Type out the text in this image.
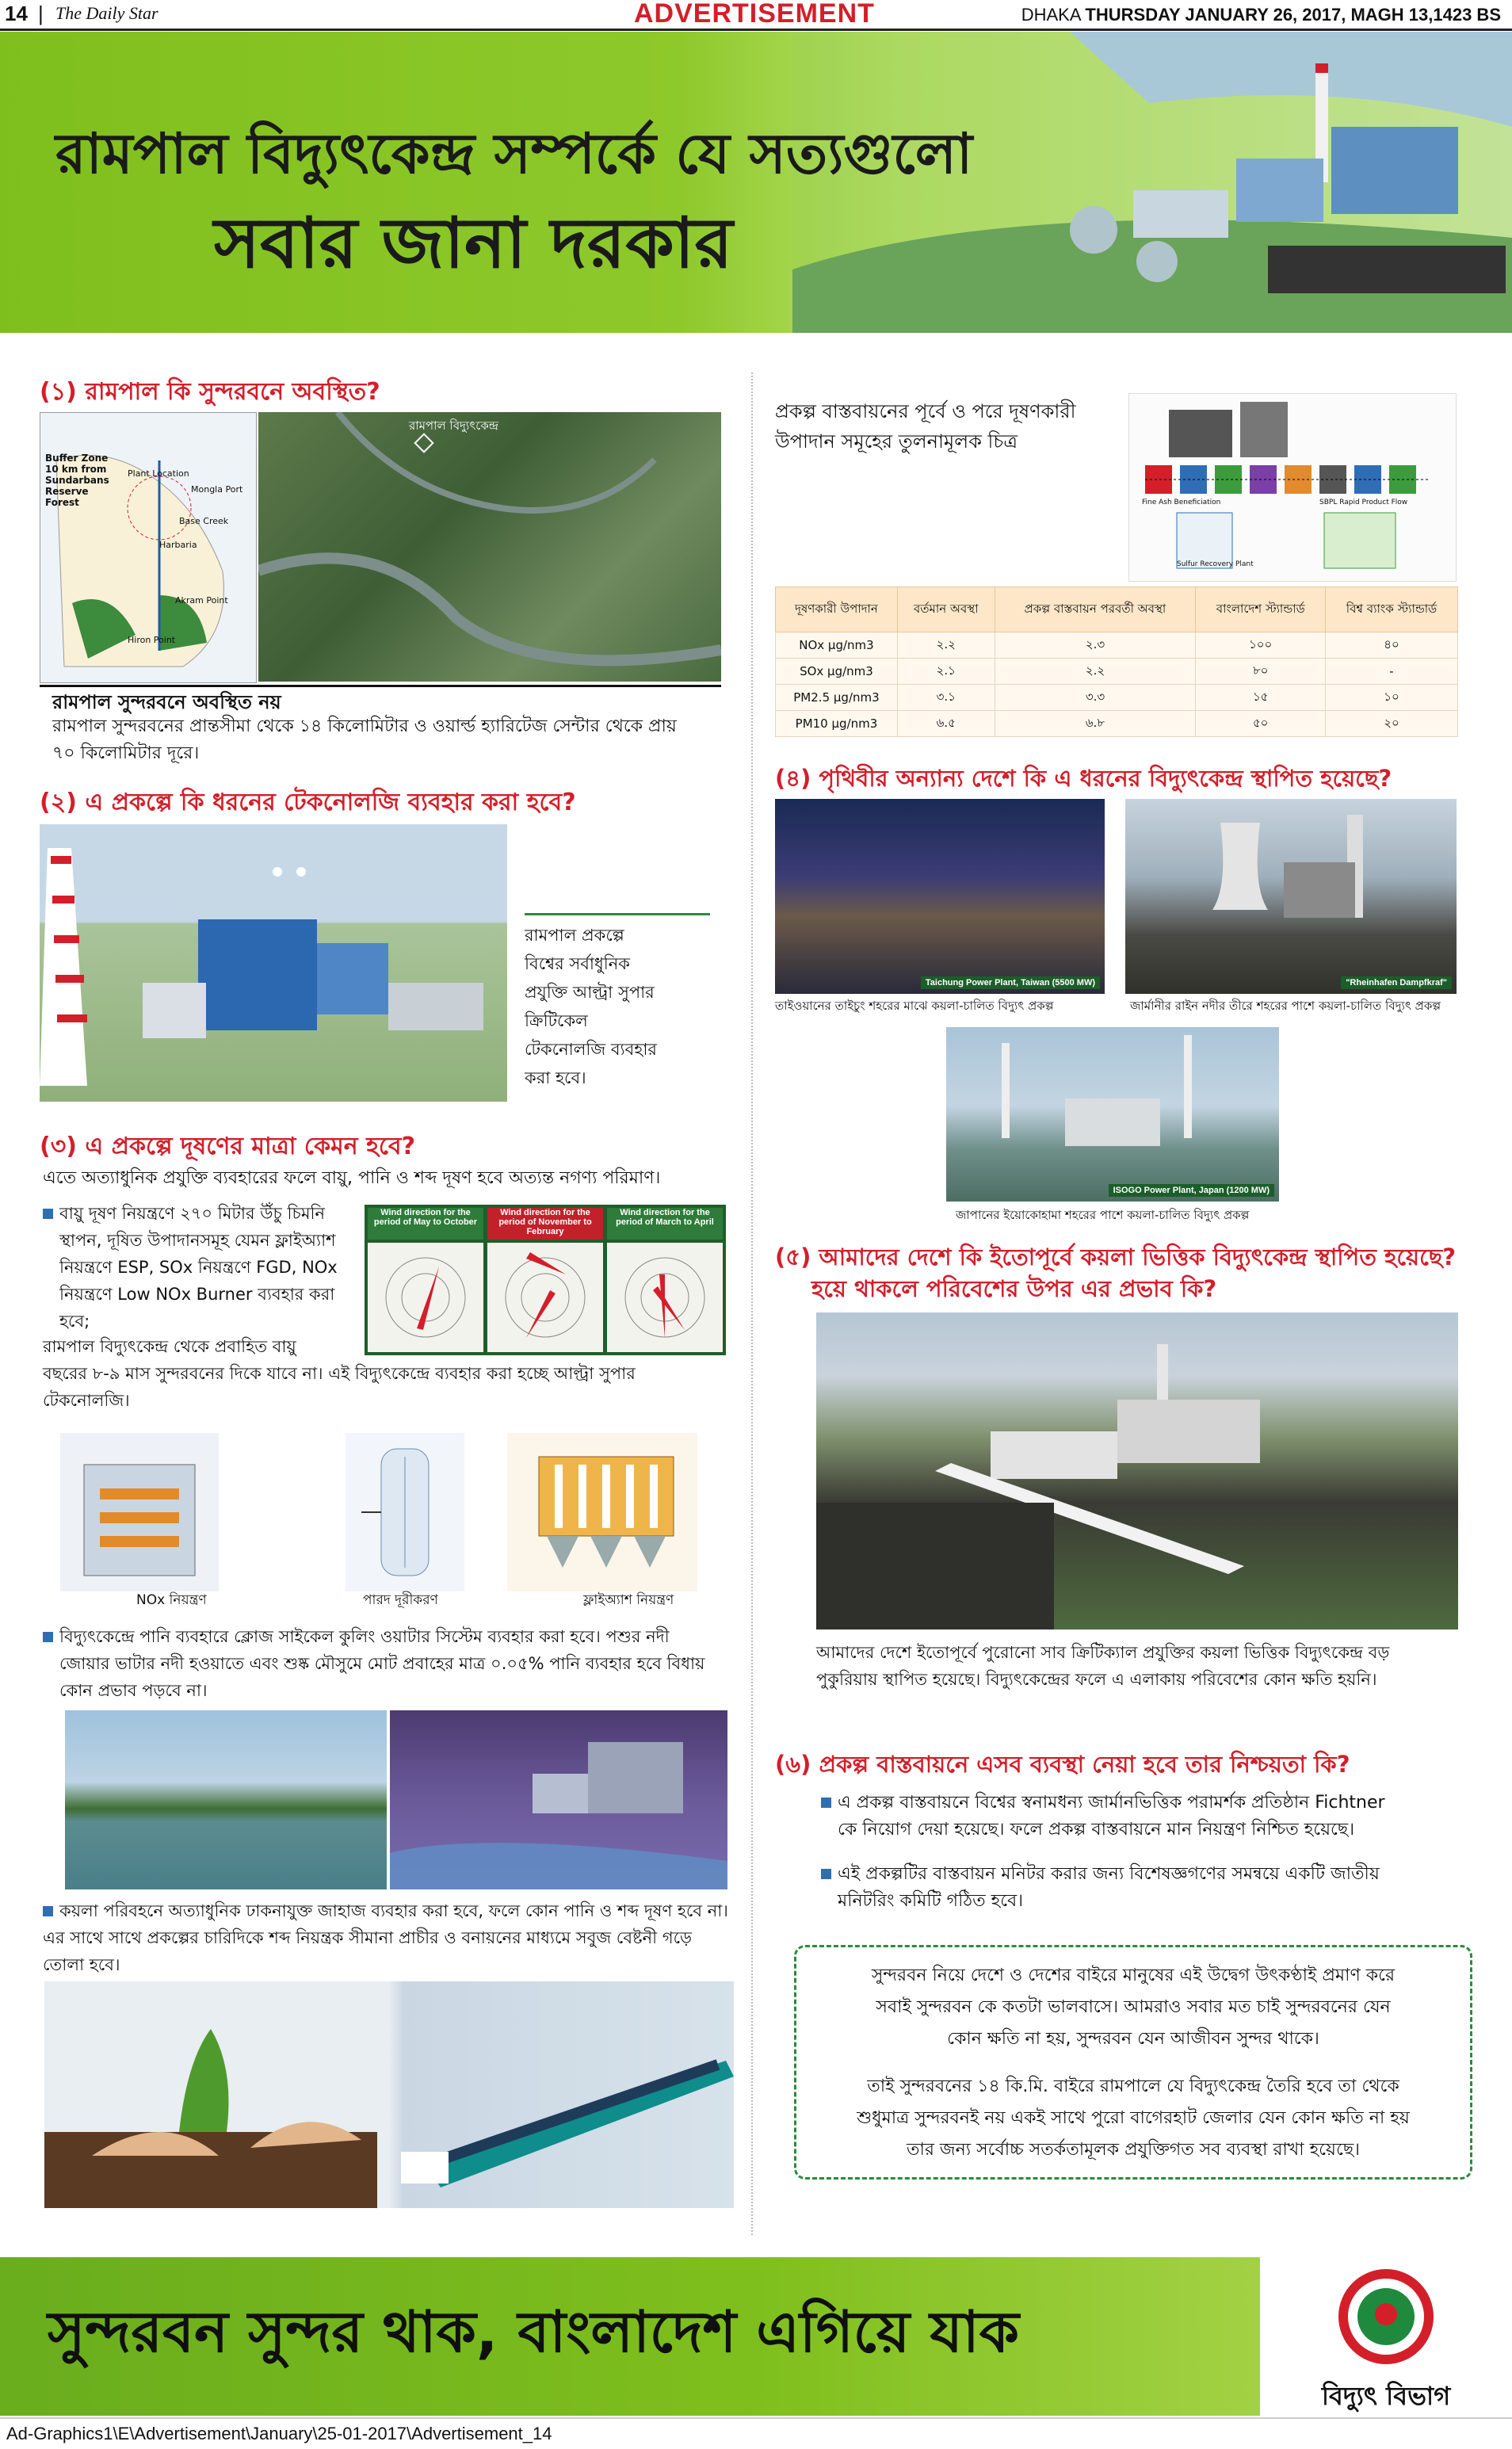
14 | The Daily Star	ADVERTISEMENT	DHAKA THURSDAY JANUARY 26, 2017, MAGH 13,1423 BS
রামপাল বিদ্যুৎকেন্দ্র সম্পর্কে যে সত্যগুলো
সবার জানা দরকার
(১) রামপাল কি সুন্দরবনে অবস্থিত?
Buffer Zone 10 km from Sundarbans Reserve Forest
Plant Location
Mongla Port
Base Creek
Harbaria
Akram Point
Hiron Point
রামপাল বিদ্যুৎকেন্দ্র
রামপাল সুন্দরবনে অবস্থিত নয়
রামপাল সুন্দরবনের প্রান্তসীমা থেকে ১৪ কিলোমিটার ও ওয়ার্ল্ড হ্যারিটেজ সেন্টার থেকে প্রায় ৭০ কিলোমিটার দূরে।
(২) এ প্রকল্পে কি ধরনের টেকনোলজি ব্যবহার করা হবে?
রামপাল প্রকল্পে
বিশ্বের সর্বাধুনিক
প্রযুক্তি আল্ট্রা সুপার
ক্রিটিকেল
টেকনোলজি ব্যবহার
করা হবে।
(৩) এ প্রকল্পে দূষণের মাত্রা কেমন হবে?
এতে অত্যাধুনিক প্রযুক্তি ব্যবহারের ফলে বায়ু, পানি ও শব্দ দূষণ হবে অত্যন্ত নগণ্য পরিমাণ।
বায়ু দূষণ নিয়ন্ত্রণে ২৭০ মিটার উঁচু চিমনি
স্থাপন, দূষিত উপাদানসমূহ যেমন ফ্লাইঅ্যাশ
নিয়ন্ত্রণে ESP, SOx নিয়ন্ত্রণে FGD, NOx
নিয়ন্ত্রণে Low NOx Burner ব্যবহার করা
হবে;
রামপাল বিদ্যুৎকেন্দ্র থেকে প্রবাহিত বায়ু
বছরের ৮-৯ মাস সুন্দরবনের দিকে যাবে না। এই বিদ্যুৎকেন্দ্রে ব্যবহার করা হচ্ছে আল্ট্রা সুপার
টেকনোলজি।
Wind direction for the period of May to October
Wind direction for the period of November to February
Wind direction for the period of March to April
NOx নিয়ন্ত্রণ	পারদ দূরীকরণ	ফ্লাইঅ্যাশ নিয়ন্ত্রণ
বিদ্যুৎকেন্দ্রে পানি ব্যবহারে ক্লোজ সাইকেল কুলিং ওয়াটার সিস্টেম ব্যবহার করা হবে। পশুর নদী
জোয়ার ভাটার নদী হওয়াতে এবং শুষ্ক মৌসুমে মোট প্রবাহের মাত্র ০.০৫% পানি ব্যবহার হবে বিধায়
কোন প্রভাব পড়বে না।
কয়লা পরিবহনে অত্যাধুনিক ঢাকনাযুক্ত জাহাজ ব্যবহার করা হবে, ফলে কোন পানি ও শব্দ দূষণ হবে না।
এর সাথে সাথে প্রকল্পের চারিদিকে শব্দ নিয়ন্ত্রক সীমানা প্রাচীর ও বনায়নের মাধ্যমে সবুজ বেষ্টনী গড়ে
তোলা হবে।
প্রকল্প বাস্তবায়নের পূর্বে ও পরে দূষণকারী
উপাদান সমূহের তুলনামূলক চিত্র
Fine Ash Beneficiation
Sulfur Recovery Plant
SBPL Rapid Product Flow
দূষণকারী উপাদান	বর্তমান অবস্থা	প্রকল্প বাস্তবায়ন পরবর্তী অবস্থা	বাংলাদেশ স্ট্যান্ডার্ড	বিশ্ব ব্যাংক স্ট্যান্ডার্ড
NOx µg/nm3	২.২	২.৩	১০০	৪০
SOx µg/nm3	২.১	২.২	৮০	-
PM2.5 µg/nm3	৩.১	৩.৩	১৫	১০
PM10 µg/nm3	৬.৫	৬.৮	৫০	২০
(৪) পৃথিবীর অন্যান্য দেশে কি এ ধরনের বিদ্যুৎকেন্দ্র স্থাপিত হয়েছে?
Taichung Power Plant, Taiwan (5500 MW)	"Rheinhafen Dampfkraf"
তাইওয়ানের তাইচুং শহরের মাঝে কয়লা-চালিত বিদ্যুৎ প্রকল্প	জার্মানীর রাইন নদীর তীরে শহরের পাশে কয়লা-চালিত বিদ্যুৎ প্রকল্প
ISOGO Power Plant, Japan (1200 MW)
জাপানের ইয়োকোহামা শহরের পাশে কয়লা-চালিত বিদ্যুৎ প্রকল্প
(৫) আমাদের দেশে কি ইতোপূর্বে কয়লা ভিত্তিক বিদ্যুৎকেন্দ্র স্থাপিত হয়েছে?
হয়ে থাকলে পরিবেশের উপর এর প্রভাব কি?
আমাদের দেশে ইতোপূর্বে পুরোনো সাব ক্রিটিক্যাল প্রযুক্তির কয়লা ভিত্তিক বিদ্যুৎকেন্দ্র বড়
পুকুরিয়ায় স্থাপিত হয়েছে। বিদ্যুৎকেন্দ্রের ফলে এ এলাকায় পরিবেশের কোন ক্ষতি হয়নি।
(৬) প্রকল্প বাস্তবায়নে এসব ব্যবস্থা নেয়া হবে তার নিশ্চয়তা কি?
এ প্রকল্প বাস্তবায়নে বিশ্বের স্বনামধন্য জার্মানভিত্তিক পরামর্শক প্রতিষ্ঠান Fichtner
কে নিয়োগ দেয়া হয়েছে। ফলে প্রকল্প বাস্তবায়নে মান নিয়ন্ত্রণ নিশ্চিত হয়েছে।
এই প্রকল্পটির বাস্তবায়ন মনিটর করার জন্য বিশেষজ্ঞগণের সমন্বয়ে একটি জাতীয়
মনিটরিং কমিটি গঠিত হবে।
সুন্দরবন নিয়ে দেশে ও দেশের বাইরে মানুষের এই উদ্বেগ উৎকণ্ঠাই প্রমাণ করে
সবাই সুন্দরবন কে কতটা ভালবাসে। আমরাও সবার মত চাই সুন্দরবনের যেন
কোন ক্ষতি না হয়, সুন্দরবন যেন আজীবন সুন্দর থাকে।
তাই সুন্দরবনের ১৪ কি.মি. বাইরে রামপালে যে বিদ্যুৎকেন্দ্র তৈরি হবে তা থেকে
শুধুমাত্র সুন্দরবনই নয় একই সাথে পুরো বাগেরহাট জেলার যেন কোন ক্ষতি না হয়
তার জন্য সর্বোচ্চ সতর্কতামূলক প্রযুক্তিগত সব ব্যবস্থা রাখা হয়েছে।
সুন্দরবন সুন্দর থাক, বাংলাদেশ এগিয়ে যাক
বিদ্যুৎ বিভাগ
Ad-Graphics1\E\Advertisement\January\25-01-2017\Advertisement_14
